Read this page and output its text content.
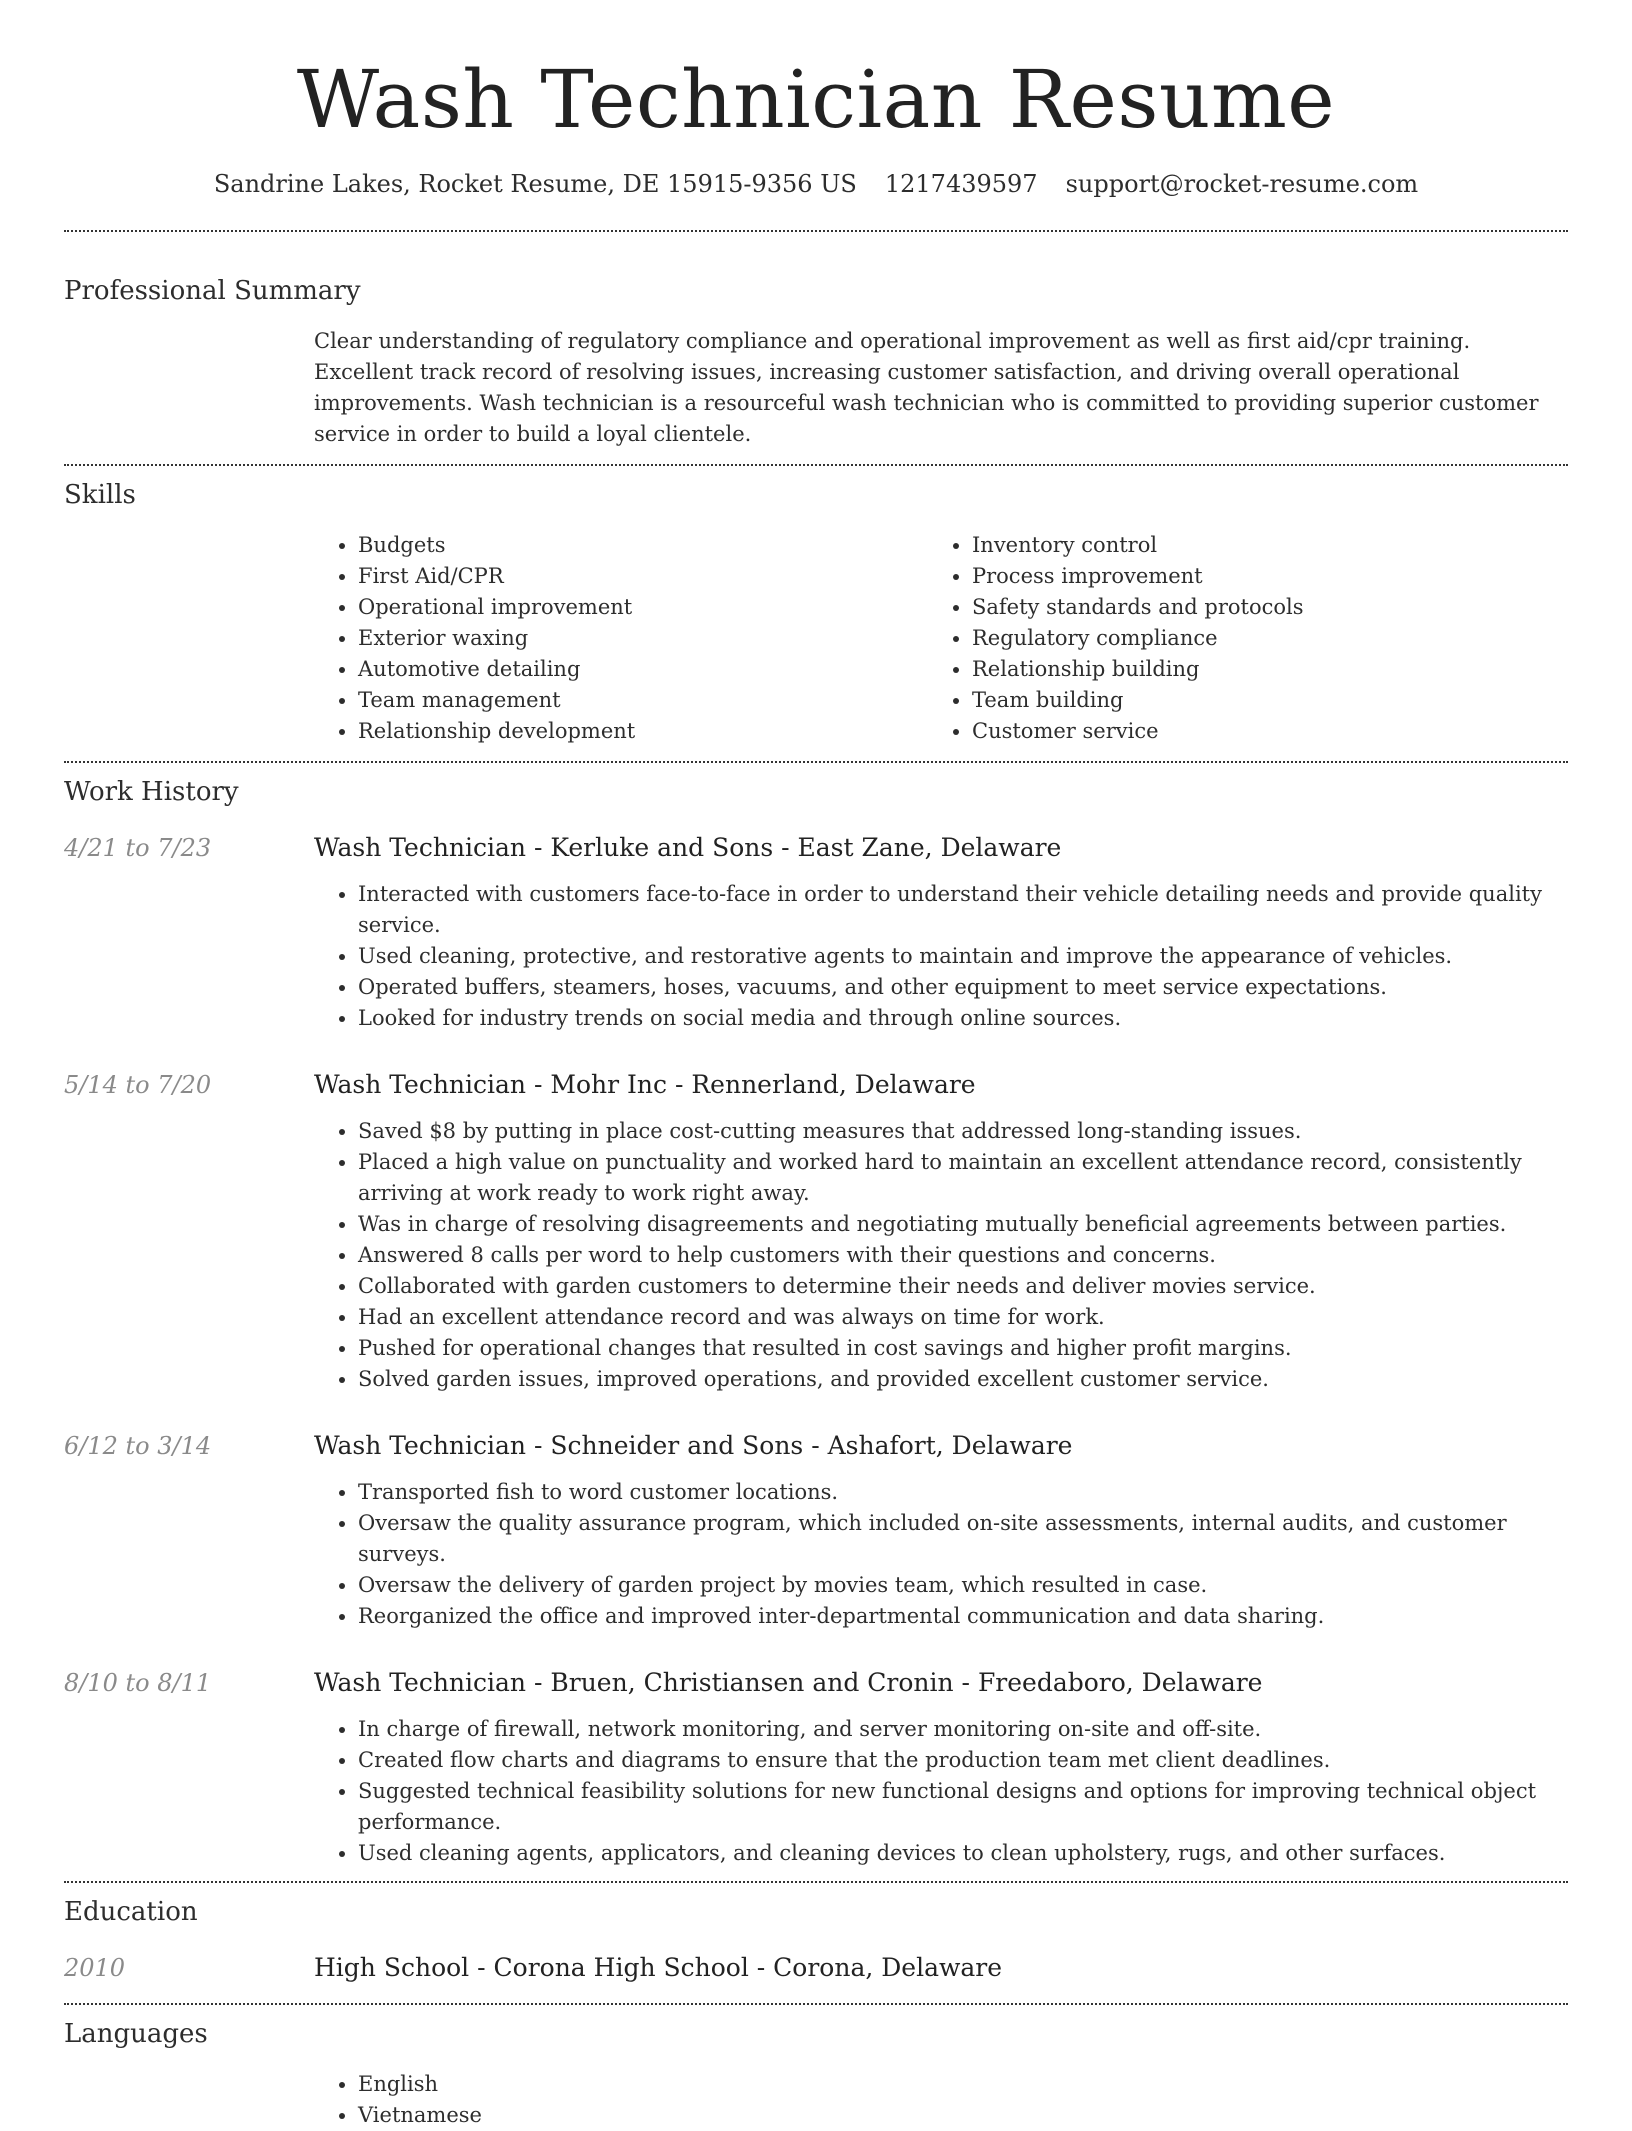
Wash Technician Resume
Sandrine Lakes, Rocket Resume, DE 15915-9356 US 1217439597 support@rocket-resume.com
Professional Summary
Clear understanding of regulatory compliance and operational improvement as well as first aid/cpr training. Excellent track record of resolving issues, increasing customer satisfaction, and driving overall operational improvements. Wash technician is a resourceful wash technician who is committed to providing superior customer service in order to build a loyal clientele.
Skills
• Budgets
• First Aid/CPR
• Operational improvement
• Exterior waxing
• Automotive detailing
• Team management
• Relationship development
• Inventory control
• Process improvement
• Safety standards and protocols
• Regulatory compliance
• Relationship building
• Team building
• Customer service
Work History
4/21 to 7/23	Wash Technician - Kerluke and Sons - East Zane, Delaware
• Interacted with customers face-to-face in order to understand their vehicle detailing needs and provide quality service.
• Used cleaning, protective, and restorative agents to maintain and improve the appearance of vehicles.
• Operated buffers, steamers, hoses, vacuums, and other equipment to meet service expectations.
• Looked for industry trends on social media and through online sources.
5/14 to 7/20	Wash Technician - Mohr Inc - Rennerland, Delaware
• Saved $8 by putting in place cost-cutting measures that addressed long-standing issues.
• Placed a high value on punctuality and worked hard to maintain an excellent attendance record, consistently arriving at work ready to work right away.
• Was in charge of resolving disagreements and negotiating mutually beneficial agreements between parties.
• Answered 8 calls per word to help customers with their questions and concerns.
• Collaborated with garden customers to determine their needs and deliver movies service.
• Had an excellent attendance record and was always on time for work.
• Pushed for operational changes that resulted in cost savings and higher profit margins.
• Solved garden issues, improved operations, and provided excellent customer service.
6/12 to 3/14	Wash Technician - Schneider and Sons - Ashafort, Delaware
• Transported fish to word customer locations.
• Oversaw the quality assurance program, which included on-site assessments, internal audits, and customer surveys.
• Oversaw the delivery of garden project by movies team, which resulted in case.
• Reorganized the office and improved inter-departmental communication and data sharing.
8/10 to 8/11	Wash Technician - Bruen, Christiansen and Cronin - Freedaboro, Delaware
• In charge of firewall, network monitoring, and server monitoring on-site and off-site.
• Created flow charts and diagrams to ensure that the production team met client deadlines.
• Suggested technical feasibility solutions for new functional designs and options for improving technical object performance.
• Used cleaning agents, applicators, and cleaning devices to clean upholstery, rugs, and other surfaces.
Education
2010	High School - Corona High School - Corona, Delaware
Languages
• English
• Vietnamese
